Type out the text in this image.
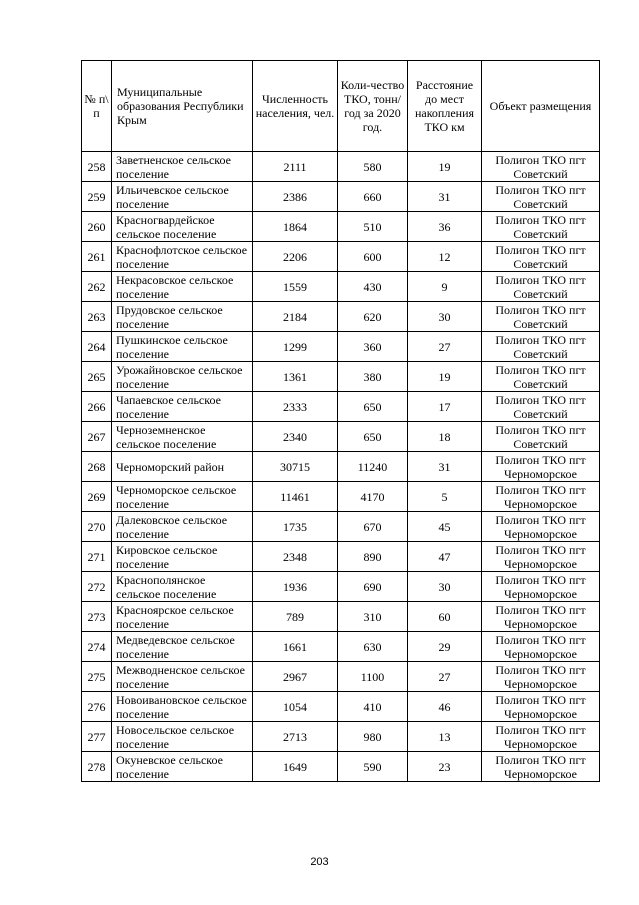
№ п\ п	Муниципальные образования Республики Крым	Численность населения, чел.	Коли-чество ТКО, тонн/год за 2020 год.	Расстояние до мест накопления ТКО км	Объект размещения
258	Заветненское сельское поселение	2111	580	19	Полигон ТКО пгт Советский
259	Ильичевское сельское поселение	2386	660	31	Полигон ТКО пгт Советский
260	Красногвардейское сельское поселение	1864	510	36	Полигон ТКО пгт Советский
261	Краснофлотское сельское поселение	2206	600	12	Полигон ТКО пгт Советский
262	Некрасовское сельское поселение	1559	430	9	Полигон ТКО пгт Советский
263	Прудовское сельское поселение	2184	620	30	Полигон ТКО пгт Советский
264	Пушкинское сельское поселение	1299	360	27	Полигон ТКО пгт Советский
265	Урожайновское сельское поселение	1361	380	19	Полигон ТКО пгт Советский
266	Чапаевское сельское поселение	2333	650	17	Полигон ТКО пгт Советский
267	Черноземненское сельское поселение	2340	650	18	Полигон ТКО пгт Советский
268	Черноморский район	30715	11240	31	Полигон ТКО пгт Черноморское
269	Черноморское сельское поселение	11461	4170	5	Полигон ТКО пгт Черноморское
270	Далековское сельское поселение	1735	670	45	Полигон ТКО пгт Черноморское
271	Кировское сельское поселение	2348	890	47	Полигон ТКО пгт Черноморское
272	Краснополянское сельское поселение	1936	690	30	Полигон ТКО пгт Черноморское
273	Красноярское сельское поселение	789	310	60	Полигон ТКО пгт Черноморское
274	Медведевское сельское поселение	1661	630	29	Полигон ТКО пгт Черноморское
275	Межводненское сельское поселение	2967	1100	27	Полигон ТКО пгт Черноморское
276	Новоивановское сельское поселение	1054	410	46	Полигон ТКО пгт Черноморское
277	Новосельское сельское поселение	2713	980	13	Полигон ТКО пгт Черноморское
278	Окуневское сельское поселение	1649	590	23	Полигон ТКО пгт Черноморское
203
